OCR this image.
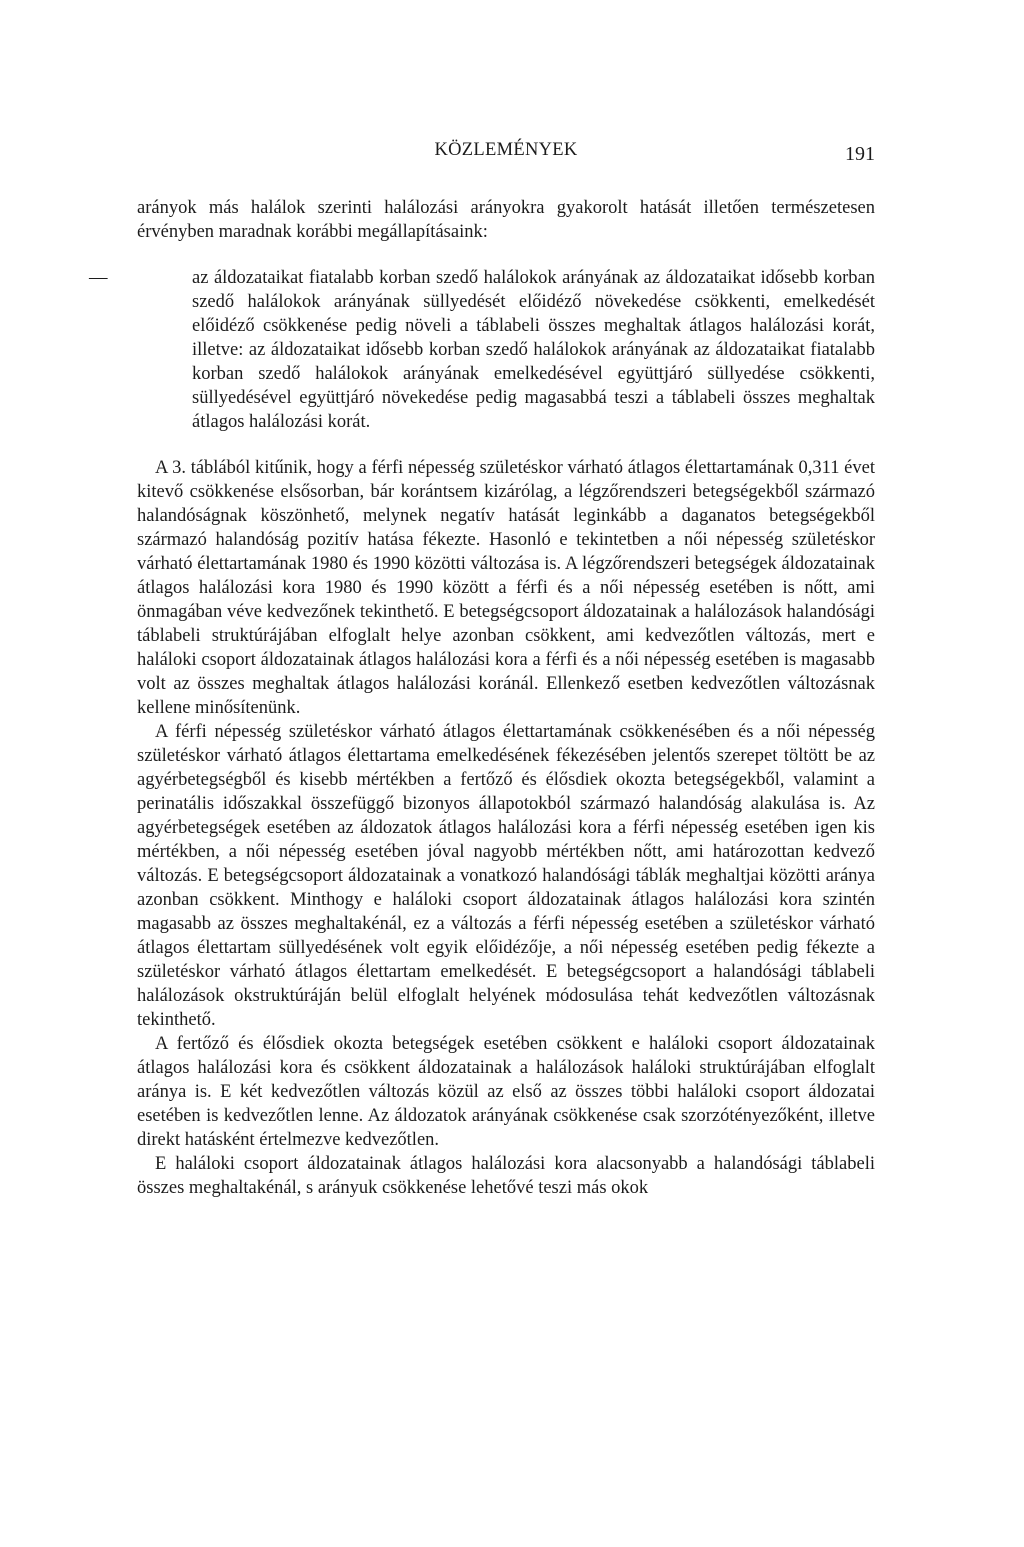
KÖZLEMÉNYEK	191

arányok más halálok szerinti halálozási arányokra gyakorolt hatását illetően természetesen érvényben maradnak korábbi megállapításaink:

—	az áldozataikat fiatalabb korban szedő halálokok arányának az áldozataikat idősebb korban szedő halálokok arányának süllyedését előidéző növekedése csökkenti, emelkedését előidéző csökkenése pedig növeli a táblabeli összes meghaltak átlagos halálozási korát, illetve: az áldozataikat idősebb korban szedő halálokok arányának az áldozataikat fiatalabb korban szedő halálokok arányának emelkedésével együttjáró süllyedése csökkenti, süllyedésével együttjáró növekedése pedig magasabbá teszi a táblabeli összes meghaltak átlagos halálozási korát.

A 3. táblából kitűnik, hogy a férfi népesség születéskor várható átlagos élettartamának 0,311 évet kitevő csökkenése elsősorban, bár korántsem kizárólag, a légzőrendszeri betegségekből származó halandóságnak köszönhető, melynek negatív hatását leginkább a daganatos betegségekből származó halandóság pozitív hatása fékezte. Hasonló e tekintetben a női népesség születéskor várható élettartamának 1980 és 1990 közötti változása is. A légzőrendszeri betegségek áldozatainak átlagos halálozási kora 1980 és 1990 között a férfi és a női népesség esetében is nőtt, ami önmagában véve kedvezőnek tekinthető. E betegségcsoport áldozatainak a halálozások halandósági táblabeli struktúrájában elfoglalt helye azonban csökkent, ami kedvezőtlen változás, mert e haláloki csoport áldozatainak átlagos halálozási kora a férfi és a női népesség esetében is magasabb volt az összes meghaltak átlagos halálozási koránál. Ellenkező esetben kedvezőtlen változásnak kellene minősítenünk.

A férfi népesség születéskor várható átlagos élettartamának csökkenésében és a női népesség születéskor várható átlagos élettartama emelkedésének fékezésében jelentős szerepet töltött be az agyérbetegségből és kisebb mértékben a fertőző és élősdiek okozta betegségekből, valamint a perinatális időszakkal összefüggő bizonyos állapotokból származó halandóság alakulása is. Az agyérbetegségek esetében az áldozatok átlagos halálozási kora a férfi népesség esetében igen kis mértékben, a női népesség esetében jóval nagyobb mértékben nőtt, ami határozottan kedvező változás. E betegségcsoport áldozatainak a vonatkozó halandósági táblák meghaltjai közötti aránya azonban csökkent. Minthogy e haláloki csoport áldozatainak átlagos halálozási kora szintén magasabb az összes meghaltakénál, ez a változás a férfi népesség esetében a születéskor várható átlagos élettartam süllyedésének volt egyik előidézője, a női népesség esetében pedig fékezte a születéskor várható átlagos élettartam emelkedését. E betegségcsoport a halandósági táblabeli halálozások okstruktúráján belül elfoglalt helyének módosulása tehát kedvezőtlen változásnak tekinthető.

A fertőző és élősdiek okozta betegségek esetében csökkent e haláloki csoport áldozatainak átlagos halálozási kora és csökkent áldozatainak a halálozások haláloki struktúrájában elfoglalt aránya is. E két kedvezőtlen változás közül az első az összes többi haláloki csoport áldozatai esetében is kedvezőtlen lenne. Az áldozatok arányának csökkenése csak szorzótényezőként, illetve direkt hatásként értelmezve kedvezőtlen.

E haláloki csoport áldozatainak átlagos halálozási kora alacsonyabb a halandósági táblabeli összes meghaltakénál, s arányuk csökkenése lehetővé teszi más okok
